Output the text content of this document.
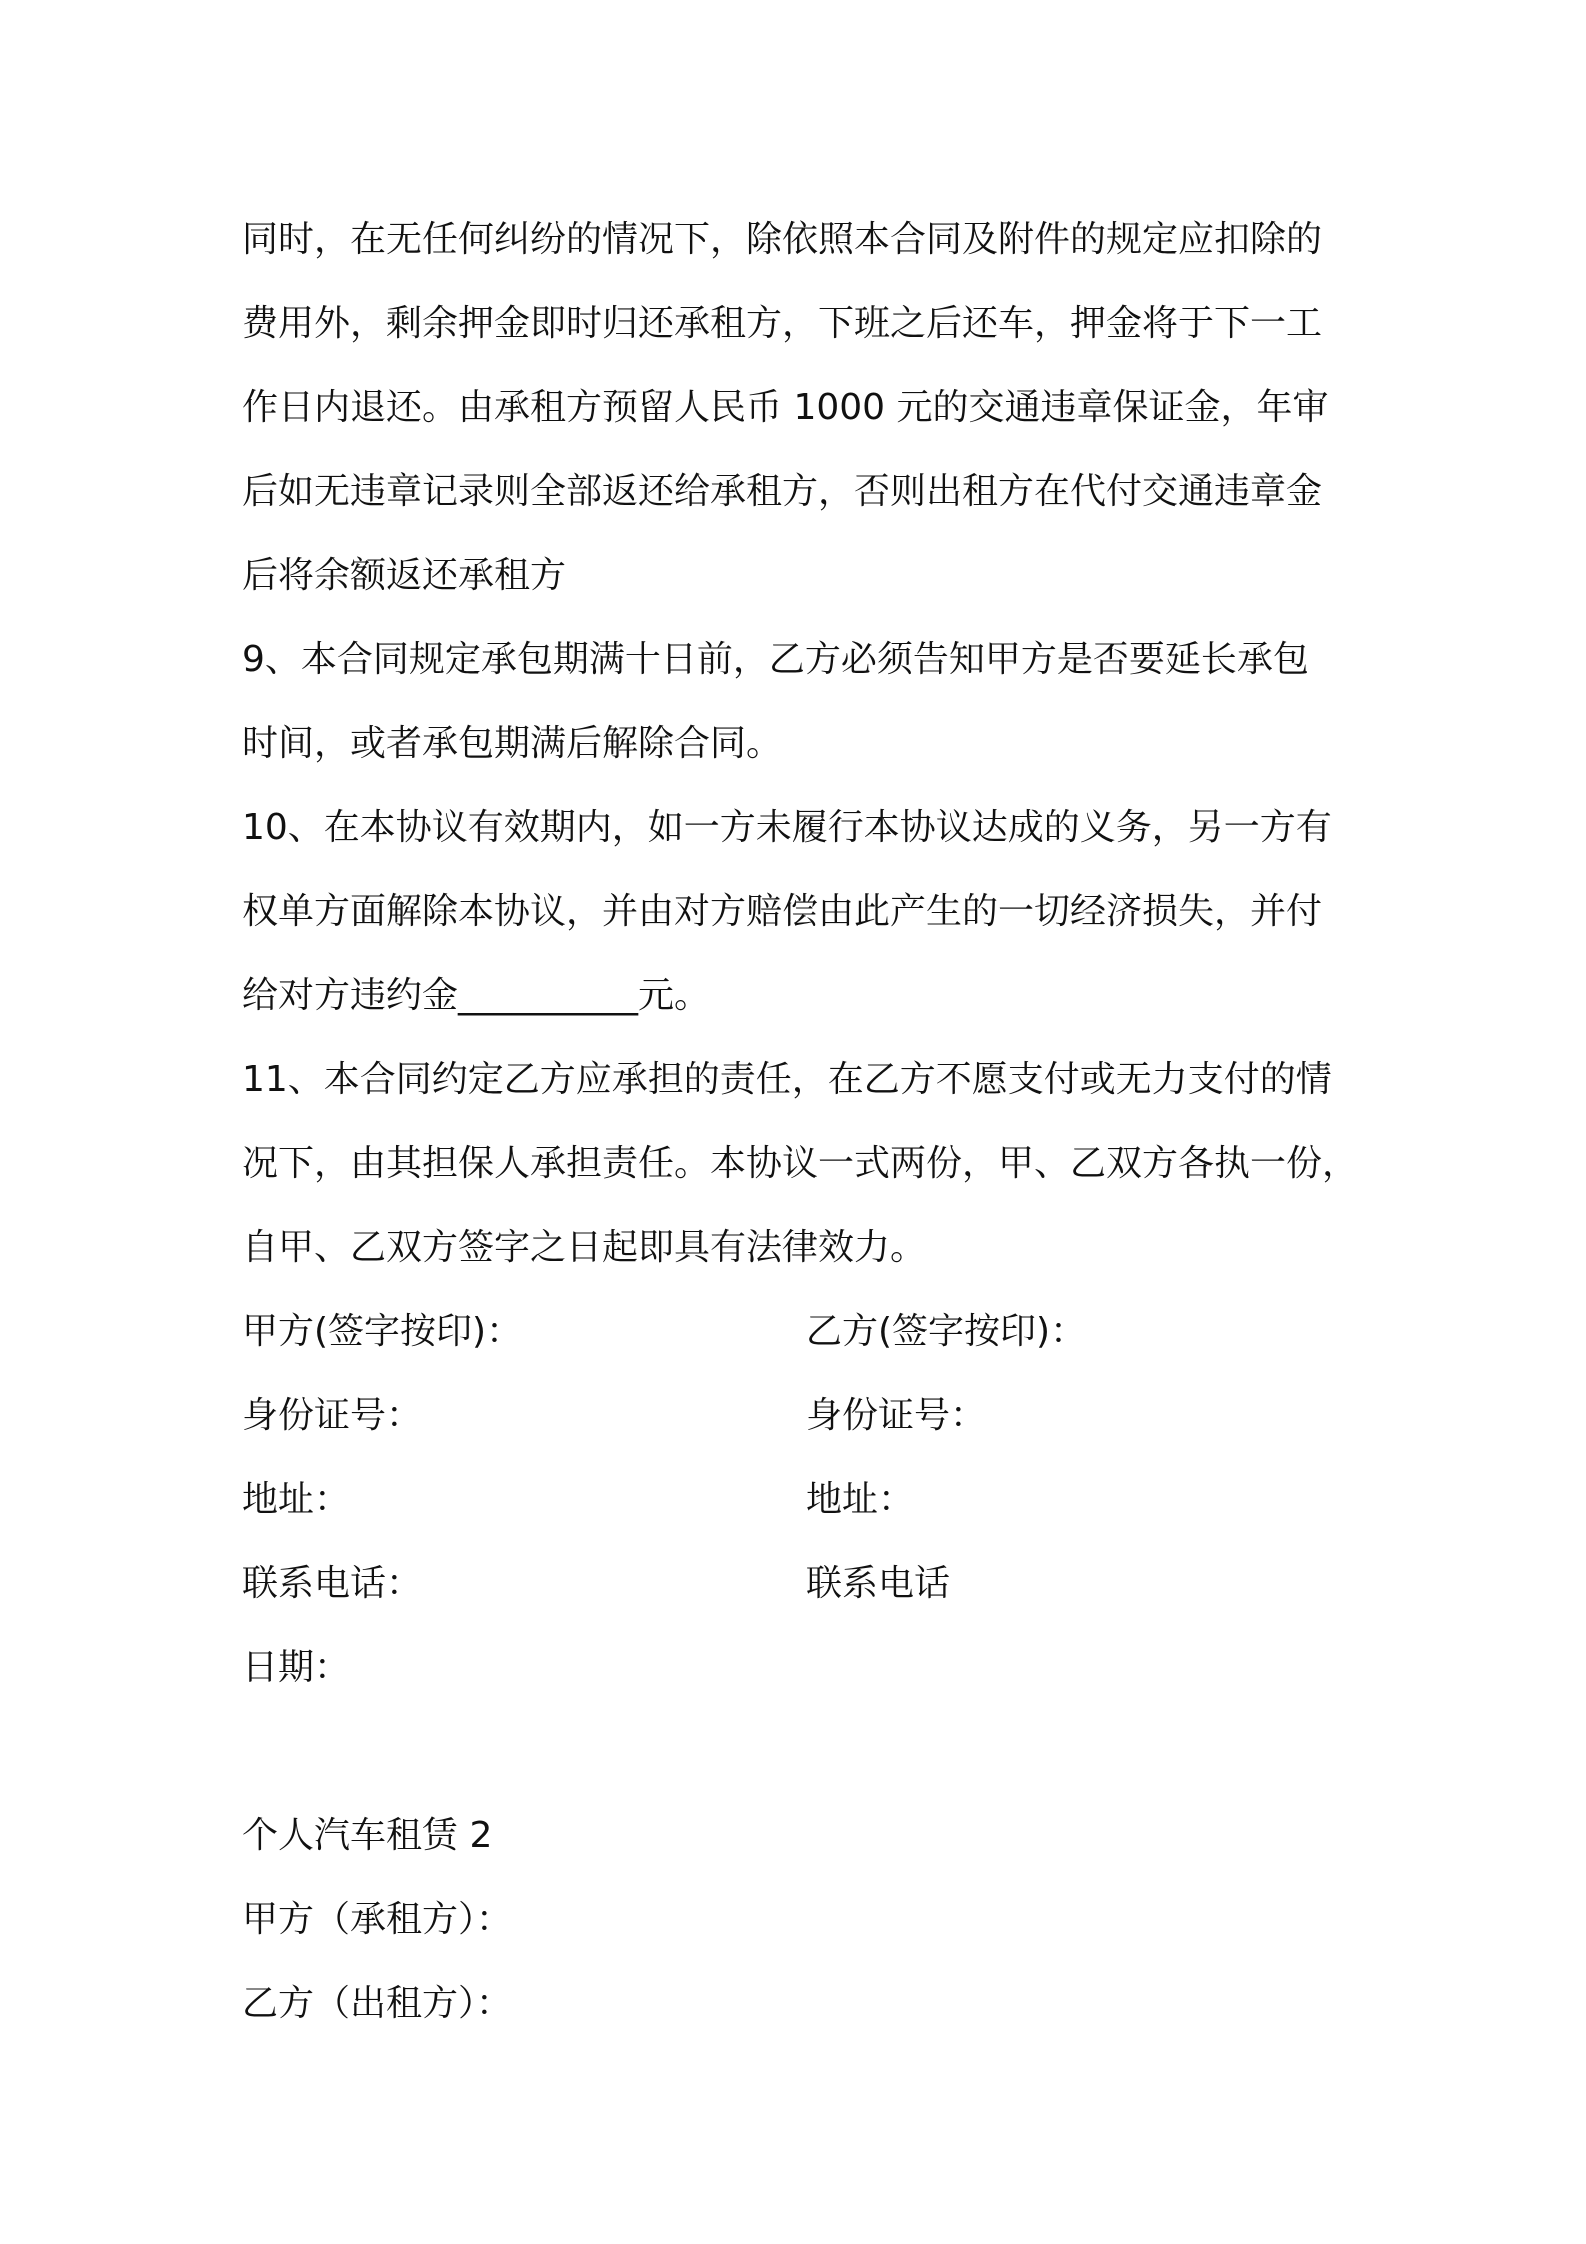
同时，在无任何纠纷的情况下，除依照本合同及附件的规定应扣除的
费用外，剩余押金即时归还承租方，下班之后还车，押金将于下一工
作日内退还。由承租方预留人民币 1000 元的交通违章保证金，年审
后如无违章记录则全部返还给承租方，否则出租方在代付交通违章金
后将余额返还承租方
9、本合同规定承包期满十日前，乙方必须告知甲方是否要延长承包
时间，或者承包期满后解除合同。
10、在本协议有效期内，如一方未履行本协议达成的义务，另一方有
权单方面解除本协议，并由对方赔偿由此产生的一切经济损失，并付
给对方违约金__________元。
11、本合同约定乙方应承担的责任，在乙方不愿支付或无力支付的情
况下，由其担保人承担责任。本协议一式两份，甲、乙双方各执一份，
自甲、乙双方签字之日起即具有法律效力。
甲方(签字按印)：	乙方(签字按印)：
身份证号：	身份证号：
地址：	地址：
联系电话：	联系电话
日期：
个人汽车租赁 2
甲方（承租方）：
乙方（出租方）：
